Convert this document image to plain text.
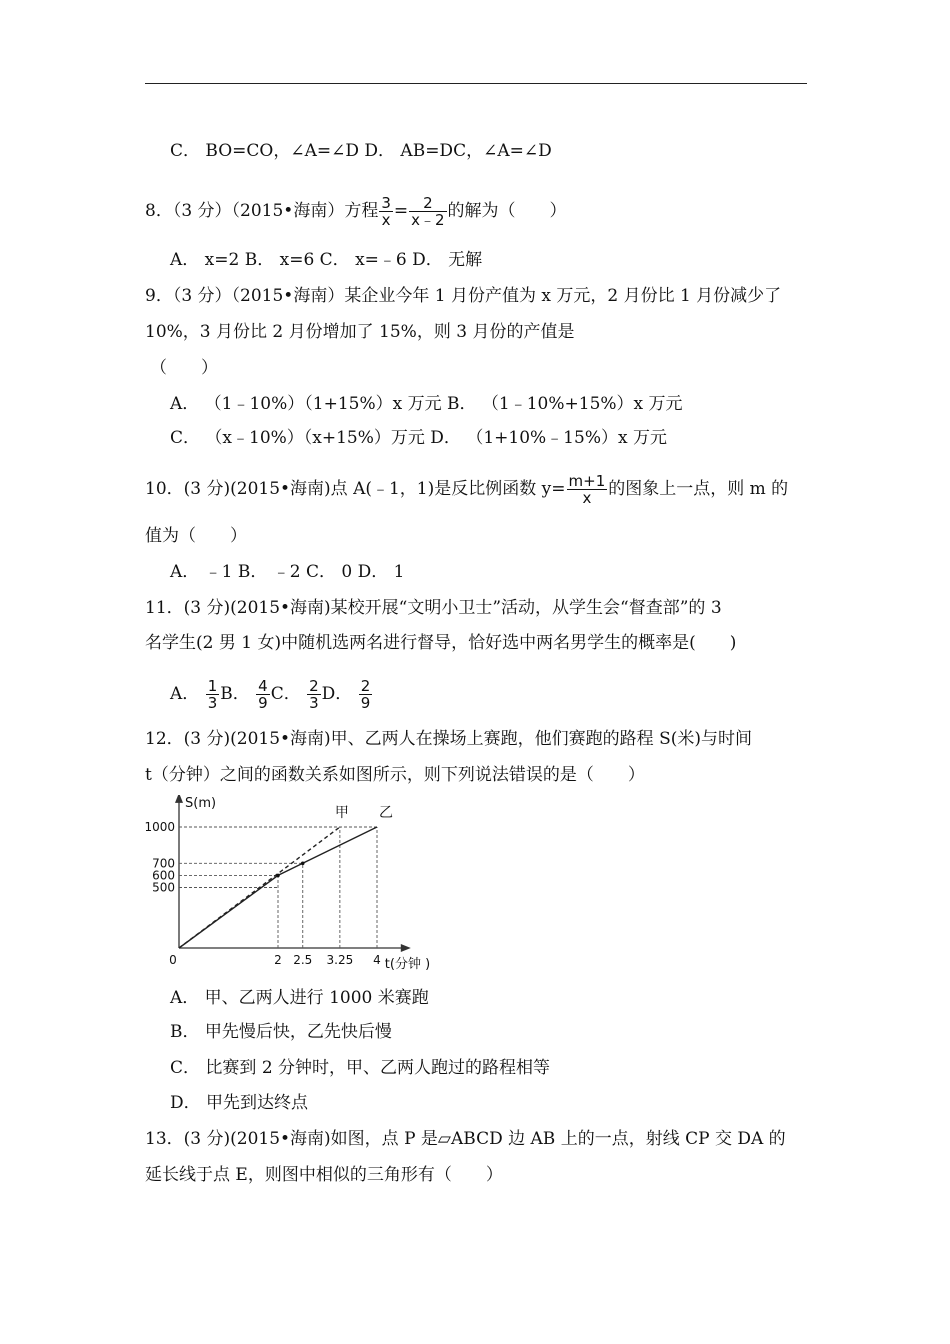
C． BO=CO，∠A=∠D D． AB=DC，∠A=∠D
8．（3 分）（2015•海南）方程 $\frac{3}{x} = \frac{2}{x﹣2}$ 的解为（　　）
A． x=2 B． x=6 C． x=﹣6 D． 无解
9．（3 分）（2015•海南）某企业今年 1 月份产值为 x 万元，2 月份比 1 月份减少了
10%，3 月份比 2 月份增加了 15%，则 3 月份的产值是
（　　）
A． （1﹣10%）（1+15%）x 万元 B． （1﹣10%+15%）x 万元
C． （x﹣10%）（x+15%）万元 D． （1+10%﹣15%）x 万元
10．(3 分)(2015•海南)点 A(﹣1，1)是反比例函数 $y= \frac{m+1}{x}$ 的图象上一点，则 m 的
值为（　　）
A． ﹣1 B． ﹣2 C． 0 D． 1
11．(3 分)(2015•海南)某校开展“文明小卫士”活动，从学生会“督查部”的 3
名学生(2 男 1 女)中随机选两名进行督导，恰好选中两名男学生的概率是(　　)
A． $\frac{1}{3}$ B． $\frac{4}{9}$ C． $\frac{2}{3}$ D． $\frac{2}{9}$
12．(3 分)(2015•海南)甲、乙两人在操场上赛跑，他们赛跑的路程 S(米)与时间
t（分钟）之间的函数关系如图所示，则下列说法错误的是（　　）
甲 乙
2 2.5 3.25 4
1000
700
600
500
0
S(m)
t(分钟 )
A． 甲、乙两人进行 1000 米赛跑
B． 甲先慢后快，乙先快后慢
C． 比赛到 2 分钟时，甲、乙两人跑过的路程相等
D． 甲先到达终点
13．(3 分)(2015•海南)如图，点 P 是▱ABCD 边 AB 上的一点，射线 CP 交 DA 的
延长线于点 E，则图中相似的三角形有（　　）
